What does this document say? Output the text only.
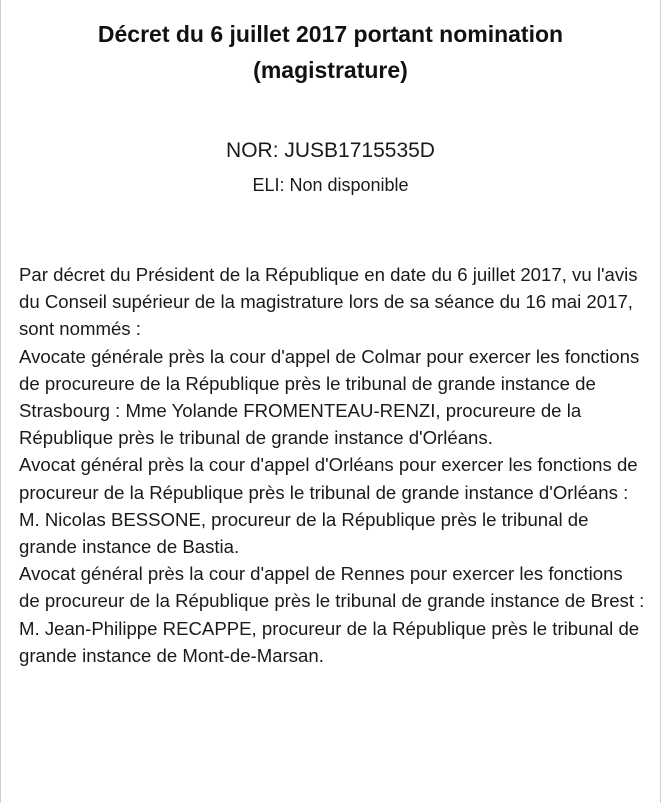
Décret du 6 juillet 2017 portant nomination (magistrature)
NOR: JUSB1715535D
ELI: Non disponible

Par décret du Président de la République en date du 6 juillet 2017, vu l'avis du Conseil supérieur de la magistrature lors de sa séance du 16 mai 2017, sont nommés :

Avocate générale près la cour d'appel de Colmar pour exercer les fonctions de procureure de la République près le tribunal de grande instance de Strasbourg : Mme Yolande FROMENTEAU-RENZI, procureure de la République près le tribunal de grande instance d'Orléans.

Avocat général près la cour d'appel d'Orléans pour exercer les fonctions de procureur de la République près le tribunal de grande instance d'Orléans : M. Nicolas BESSONE, procureur de la République près le tribunal de grande instance de Bastia.

Avocat général près la cour d'appel de Rennes pour exercer les fonctions de procureur de la République près le tribunal de grande instance de Brest : M. Jean-Philippe RECAPPE, procureur de la République près le tribunal de grande instance de Mont-de-Marsan.
